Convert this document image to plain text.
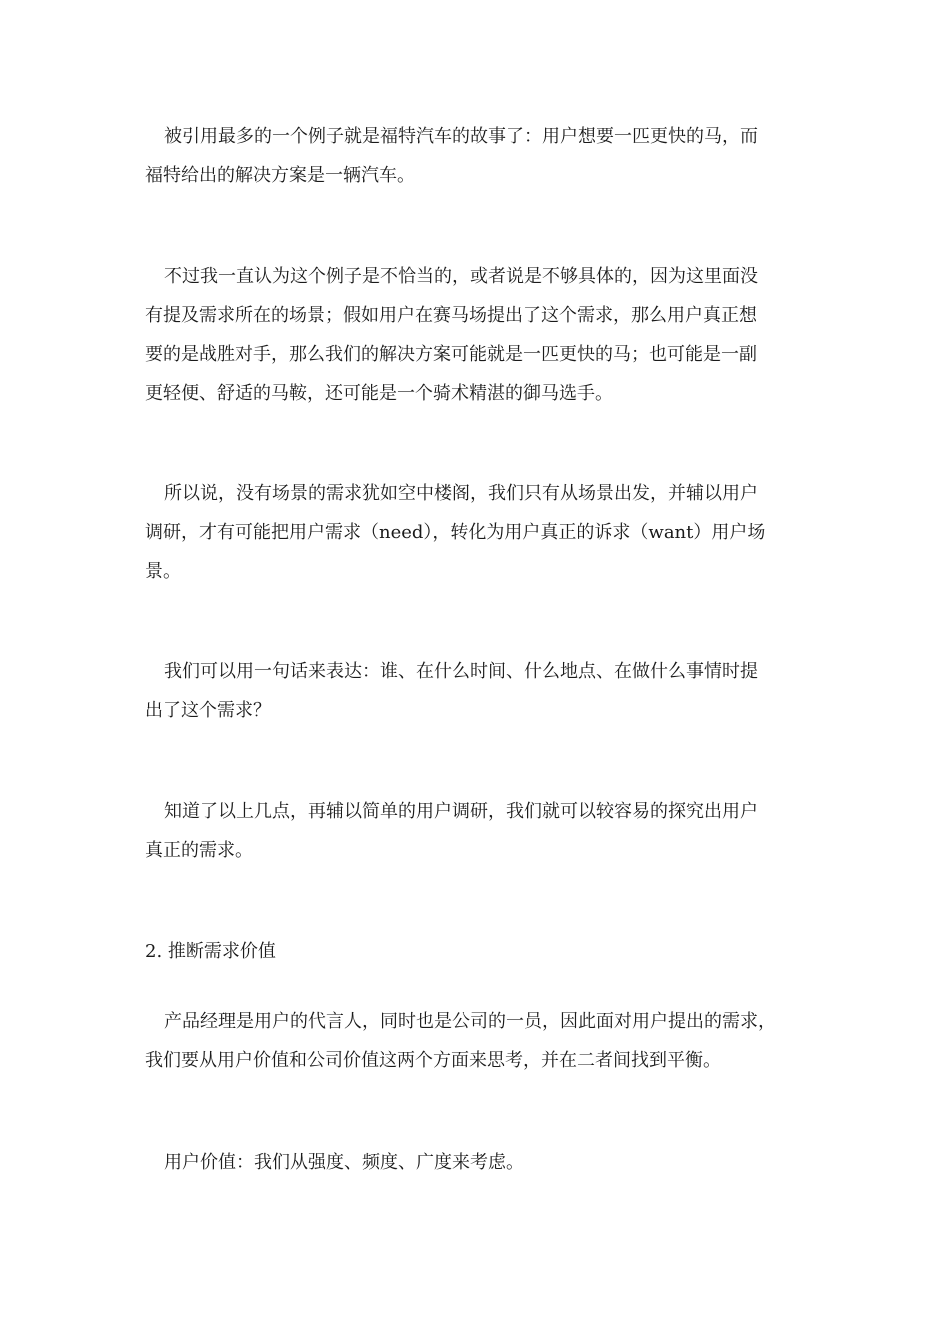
被引用最多的一个例子就是福特汽车的故事了：用户想要一匹更快的马，而
福特给出的解决方案是一辆汽车。

不过我一直认为这个例子是不恰当的，或者说是不够具体的，因为这里面没
有提及需求所在的场景；假如用户在赛马场提出了这个需求，那么用户真正想
要的是战胜对手，那么我们的解决方案可能就是一匹更快的马；也可能是一副
更轻便、舒适的马鞍，还可能是一个骑术精湛的御马选手。

所以说，没有场景的需求犹如空中楼阁，我们只有从场景出发，并辅以用户
调研，才有可能把用户需求（need），转化为用户真正的诉求（want）用户场
景。

我们可以用一句话来表达：谁、在什么时间、什么地点、在做什么事情时提
出了这个需求？

知道了以上几点，再辅以简单的用户调研，我们就可以较容易的探究出用户
真正的需求。

2. 推断需求价值

产品经理是用户的代言人，同时也是公司的一员，因此面对用户提出的需求，
我们要从用户价值和公司价值这两个方面来思考，并在二者间找到平衡。

用户价值：我们从强度、频度、广度来考虑。
